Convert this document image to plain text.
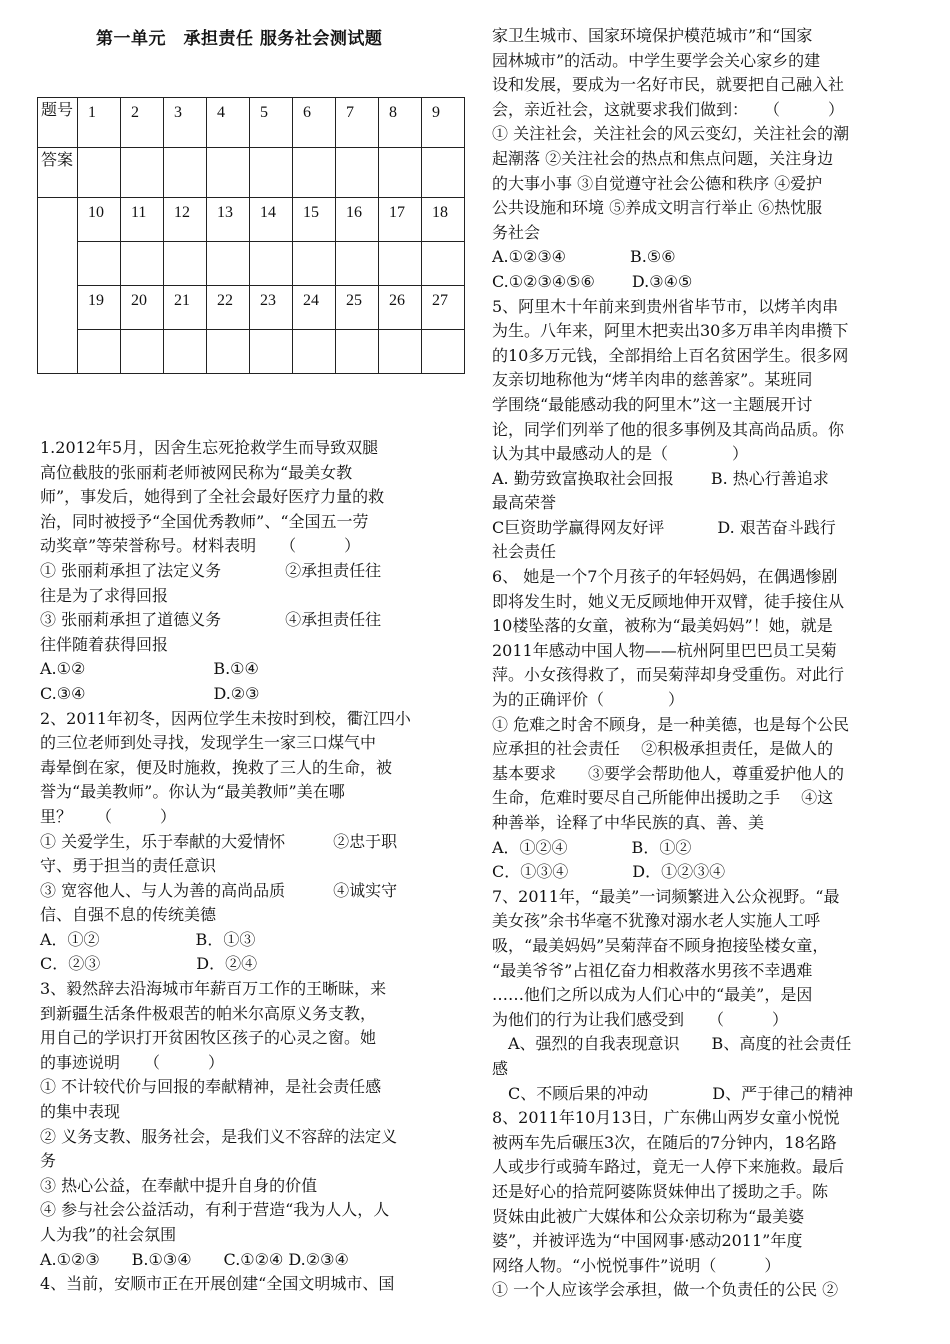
第一单元　承担责任 服务社会测试题
题号	1	2	3	4	5	6	7	8	9
答案									
	10	11	12	13	14	15	16	17	18

	19	20	21	22	23	24	25	26	27

1.2012年5月，因舍生忘死抢救学生而导致双腿

高位截肢的张丽莉老师被网民称为“最美女教

师”，事发后，她得到了全社会最好医疗力量的救

治，同时被授予“全国优秀教师”、“全国五一劳

动奖章”等荣誉称号。材料表明　　（　　　）

① 张丽莉承担了法定义务　　　　②承担责任往

往是为了求得回报

③ 张丽莉承担了道德义务　　　　④承担责任往

往伴随着获得回报

A.①②　　　　　　　　B.①④

C.③④　　　　　　　　D.②③

2、2011年初冬，因两位学生未按时到校，衢江四小

的三位老师到处寻找，发现学生一家三口煤气中

毒晕倒在家，便及时施救，挽救了三人的生命，被

誉为“最美教师”。你认为“最美教师”美在哪

里？　　（　　　）

① 关爱学生，乐于奉献的大爱情怀　　　②忠于职

守、勇于担当的责任意识

③ 宽容他人、与人为善的高尚品质　　　④诚实守

信、自强不息的传统美德

A．①②　　　　　　B．①③

C．②③　　　　　　D．②④

3、毅然辞去沿海城市年薪百万工作的王晰昧，来

到新疆生活条件极艰苦的帕米尔高原义务支教，

用自己的学识打开贫困牧区孩子的心灵之窗。她

的事迹说明　　（　　　）

① 不计较代价与回报的奉献精神，是社会责任感

的集中表现

② 义务支教、服务社会，是我们义不容辞的法定义

务

③ 热心公益，在奉献中提升自身的价值

④ 参与社会公益活动，有利于营造“我为人人，人

人为我”的社会氛围

A.①②③　　B.①③④　　C.①②④ D.②③④

4、当前，安顺市正在开展创建“全国文明城市、国

家卫生城市、国家环境保护模范城市”和“国家

园林城市”的活动。中学生要学会关心家乡的建

设和发展，要成为一名好市民，就要把自己融入社

会，亲近社会，这就要求我们做到：　　（　　　）

① 关注社会，关注社会的风云变幻，关注社会的潮

起潮落 ②关注社会的热点和焦点问题，关注身边

的大事小事 ③自觉遵守社会公德和秩序 ④爱护

公共设施和环境 ⑤养成文明言行举止 ⑥热忱服

务社会

A.①②③④　　　　B.⑤⑥

C.①②③④⑤⑥　　 D.③④⑤

5、阿里木十年前来到贵州省毕节市，以烤羊肉串

为生。八年来，阿里木把卖出30多万串羊肉串攒下

的10多万元钱，全部捐给上百名贫困学生。很多网

友亲切地称他为“烤羊肉串的慈善家”。某班同

学围绕“最能感动我的阿里木”这一主题展开讨

论，同学们列举了他的很多事例及其高尚品质。你

认为其中最感动人的是（　　　　）

A. 勤劳致富换取社会回报　　 B. 热心行善追求

最高荣誉

C巨资助学赢得网友好评　　　 D. 艰苦奋斗践行

社会责任

6、 她是一个7个月孩子的年轻妈妈，在偶遇惨剧

即将发生时，她义无反顾地伸开双臂，徒手接住从

10楼坠落的女童，被称为“最美妈妈”！她，就是

2011年感动中国人物——杭州阿里巴巴员工吴菊

萍。小女孩得救了，而吴菊萍却身受重伤。对此行

为的正确评价（　　　　）

① 危难之时舍不顾身，是一种美德，也是每个公民

应承担的社会责任　 ②积极承担责任，是做人的

基本要求　　③要学会帮助他人，尊重爱护他人的

生命，危难时要尽自己所能伸出援助之手　 ④这

种善举，诠释了中华民族的真、善、美

A．①②④　　　　B．①②

C．①③④　　　　D．①②③④

7、2011年，“最美”一词频繁进入公众视野。“最

美女孩”余书华毫不犹豫对溺水老人实施人工呼

吸，“最美妈妈”吴菊萍奋不顾身抱接坠楼女童，

“最美爷爷”占祖亿奋力相救落水男孩不幸遇难

……他们之所以成为人们心中的“最美”，是因

为他们的行为让我们感受到　　（　　　）

　A、强烈的自我表现意识　　B、高度的社会责任

感

　C、不顾后果的冲动　　　　D、严于律己的精神

8、2011年10月13日，广东佛山两岁女童小悦悦

被两车先后碾压3次，在随后的7分钟内，18名路

人或步行或骑车路过，竟无一人停下来施救。最后

还是好心的拾荒阿婆陈贤妹伸出了援助之手。陈

贤妹由此被广大媒体和公众亲切称为“最美婆

婆”，并被评选为“中国网事·感动2011”年度

网络人物。“小悦悦事件”说明（　　　）

① 一个人应该学会承担，做一个负责任的公民 ②
